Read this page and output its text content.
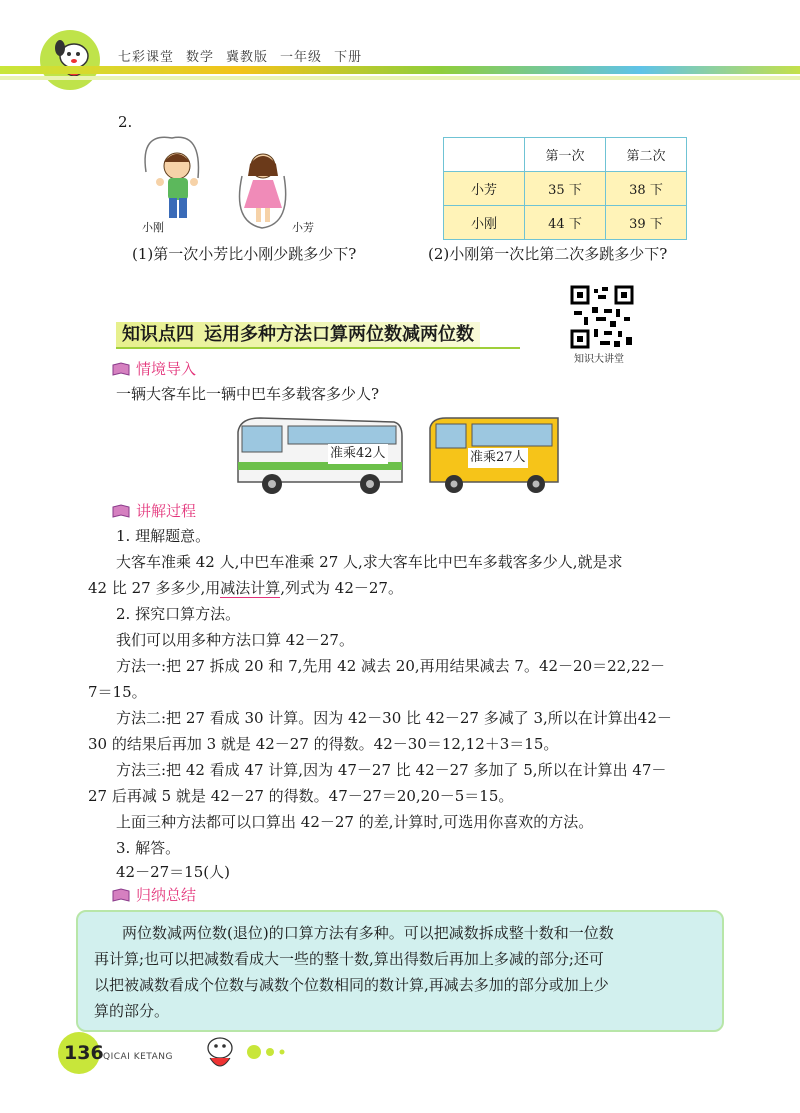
七彩课堂 数学 冀教版 一年级 下册
2.
小刚	小芳
	第一次	第二次
小芳	35 下	38 下
小刚	44 下	39 下
(1)第一次小芳比小刚少跳多少下?	(2)小刚第一次比第二次多跳多少下?
知识点四 运用多种方法口算两位数减两位数
知识大讲堂
情境导入
一辆大客车比一辆中巴车多载客多少人?
准乘42人	准乘27人
讲解过程
1. 理解题意。
大客车准乘 42 人,中巴车准乘 27 人,求大客车比中巴车多载客多少人,就是求
42 比 27 多多少,用减法计算,列式为 42－27。
2. 探究口算方法。
我们可以用多种方法口算 42－27。
方法一:把 27 拆成 20 和 7,先用 42 减去 20,再用结果减去 7。42－20＝22,22－
7＝15。
方法二:把 27 看成 30 计算。因为 42－30 比 42－27 多减了 3,所以在计算出42－
30 的结果后再加 3 就是 42－27 的得数。42－30＝12,12＋3＝15。
方法三:把 42 看成 47 计算,因为 47－27 比 42－27 多加了 5,所以在计算出 47－
27 后再减 5 就是 42－27 的得数。47－27＝20,20－5＝15。
上面三种方法都可以口算出 42－27 的差,计算时,可选用你喜欢的方法。
3. 解答。
42－27＝15(人)
归纳总结

两位数减两位数(退位)的口算方法有多种。可以把减数拆成整十数和一位数

再计算;也可以把减数看成大一些的整十数,算出得数后再加上多减的部分;还可

以把被减数看成个位数与减数个位数相同的数计算,再减去多加的部分或加上少

算的部分。

136 QICAI KETANG
